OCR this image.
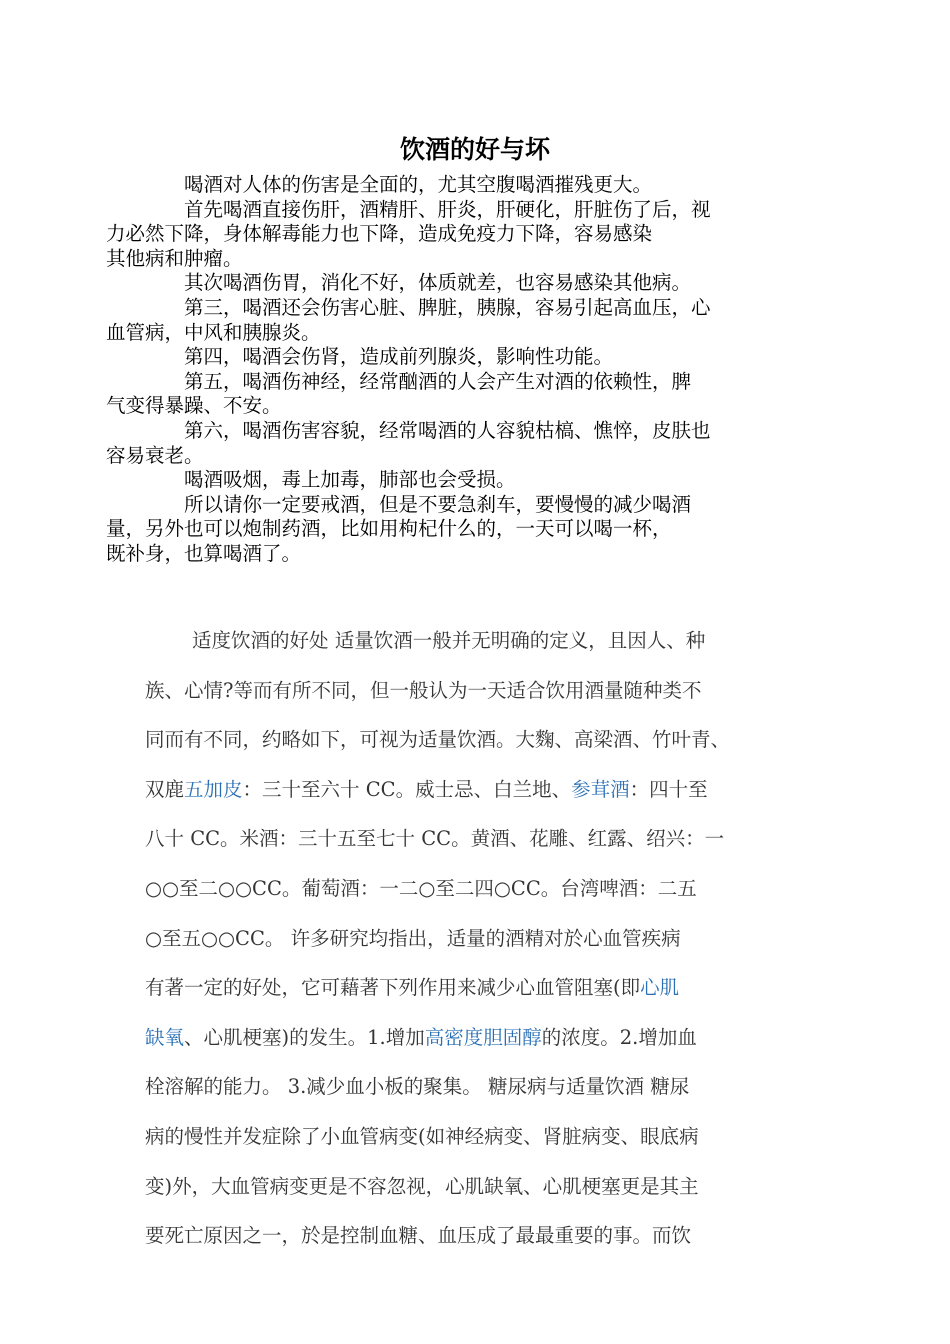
饮酒的好与坏

喝酒对人体的伤害是全面的，尤其空腹喝酒摧残更大。

首先喝酒直接伤肝，酒精肝、肝炎，肝硬化，肝脏伤了后，视
力必然下降，身体解毒能力也下降，造成免疫力下降，容易感染
其他病和肿瘤。

其次喝酒伤胃，消化不好，体质就差，也容易感染其他病。

第三，喝酒还会伤害心脏、脾脏，胰腺，容易引起高血压，心
血管病，中风和胰腺炎。

第四，喝酒会伤肾，造成前列腺炎，影响性功能。

第五，喝酒伤神经，经常酗酒的人会产生对酒的依赖性，脾
气变得暴躁、不安。

第六，喝酒伤害容貌，经常喝酒的人容貌枯槁、憔悴，皮肤也
容易衰老。

喝酒吸烟，毒上加毒，肺部也会受损。

所以请你一定要戒酒，但是不要急刹车，要慢慢的减少喝酒
量，另外也可以炮制药酒，比如用枸杞什么的，一天可以喝一杯，
既补身，也算喝酒了。

适度饮酒的好处 适量饮酒一般并无明确的定义，且因人、种
族、心情?等而有所不同，但一般认为一天适合饮用酒量随种类不
同而有不同，约略如下，可视为适量饮酒。大麴、高梁酒、竹叶青、
双鹿五加皮：三十至六十 CC。威士忌、白兰地、参茸酒：四十至
八十 CC。米酒：三十五至七十 CC。黄酒、花雕、红露、绍兴：一
○○至二○○CC。葡萄酒：一二○至二四○CC。台湾啤酒：二五
○至五○○CC。 许多研究均指出，适量的酒精对於心血管疾病
有著一定的好处，它可藉著下列作用来减少心血管阻塞(即心肌
缺氧、心肌梗塞)的发生。1.增加高密度胆固醇的浓度。2.增加血
栓溶解的能力。 3.减少血小板的聚集。 糖尿病与适量饮酒 糖尿
病的慢性并发症除了小血管病变(如神经病变、肾脏病变、眼底病
变)外，大血管病变更是不容忽视，心肌缺氧、心肌梗塞更是其主
要死亡原因之一，於是控制血糖、血压成了最最重要的事。而饮
